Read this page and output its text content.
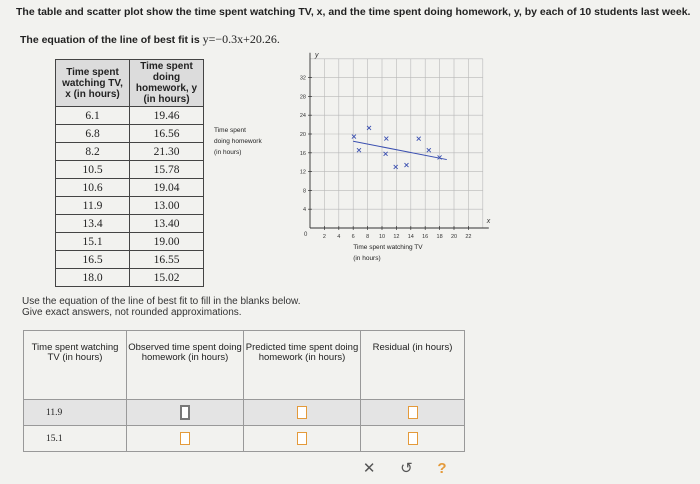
The table and scatter plot show the time spent watching TV, x, and the time spent doing homework, y, by each of 10 students last week.
The equation of the line of best fit is y=−0.3x+20.26.
Time spent watching TV, x (in hours)	Time spent doing homework, y (in hours)
6.1	19.46
6.8	16.56
8.2	21.30
10.5	15.78
10.6	19.04
11.9	13.00
13.4	13.40
15.1	19.00
16.5	16.55
18.0	15.02
2 4 6 8 10 12 14 16 18 20 22
4
8
12
16
20
24
28
32
0
x
y
Time spent
doing homework
(in hours)
Time spent watching TV
(in hours)
Use the equation of the line of best fit to fill in the blanks below.
Give exact answers, not rounded approximations.
Time spent watching TV (in hours)	Observed time spent doing homework (in hours)	Predicted time spent doing homework (in hours)	Residual (in hours)
11.9			
15.1			
		✕ ↺ ?	
